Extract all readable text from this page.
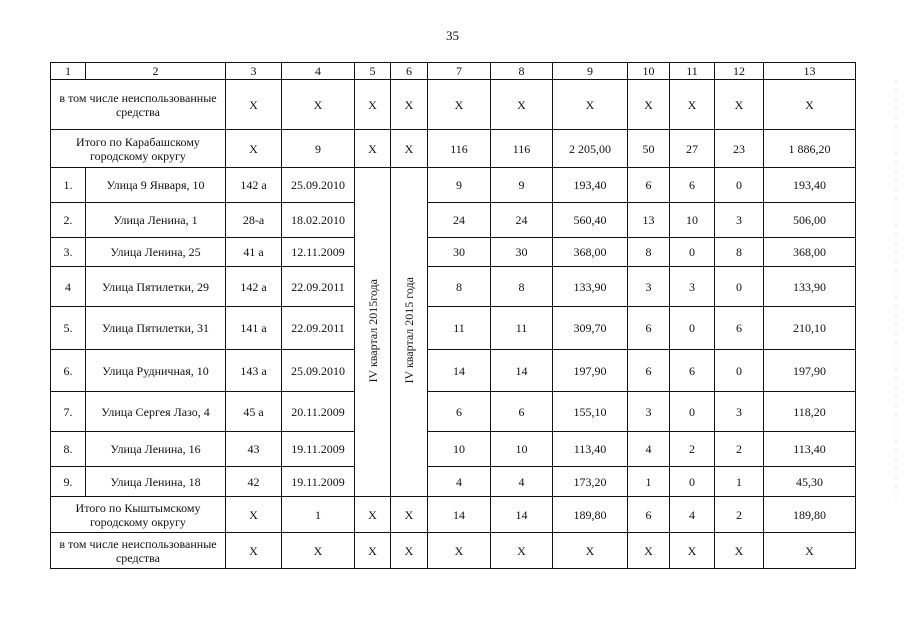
35
1	2	3	4	5	6	7	8	9	10	11	12	13
в том числе неиспользованные средства		Х	Х	Х	Х	Х	Х	Х	Х	Х	Х	Х
Итого по Карабашскому городскому округу		Х	9	Х	Х	116	116	2 205,00	50	27	23	1 886,20
1.	Улица 9 Января, 10	142 а	25.09.2010	IV квартал 2015года	IV квартал 2015 года	9	9	193,40	6	6	0	193,40
2.	Улица Ленина, 1	28-а	18.02.2010			24	24	560,40	13	10	3	506,00
3.	Улица Ленина, 25	41 а	12.11.2009			30	30	368,00	8	0	8	368,00
4	Улица Пятилетки, 29	142 а	22.09.2011			8	8	133,90	3	3	0	133,90
5.	Улица Пятилетки, 31	141 а	22.09.2011			11	11	309,70	6	0	6	210,10
6.	Улица Рудничная, 10	143 а	25.09.2010			14	14	197,90	6	6	0	197,90
7.	Улица Сергея Лазо, 4	45 а	20.11.2009			6	6	155,10	3	0	3	118,20
8.	Улица Ленина, 16	43	19.11.2009			10	10	113,40	4	2	2	113,40
9.	Улица Ленина, 18	42	19.11.2009			4	4	173,20	1	0	1	45,30
Итого по Кыштымскому городскому округу		Х	1	Х	Х	14	14	189,80	6	4	2	189,80
в том числе неиспользованные средства		Х	Х	Х	Х	Х	Х	Х	Х	Х	Х	Х
